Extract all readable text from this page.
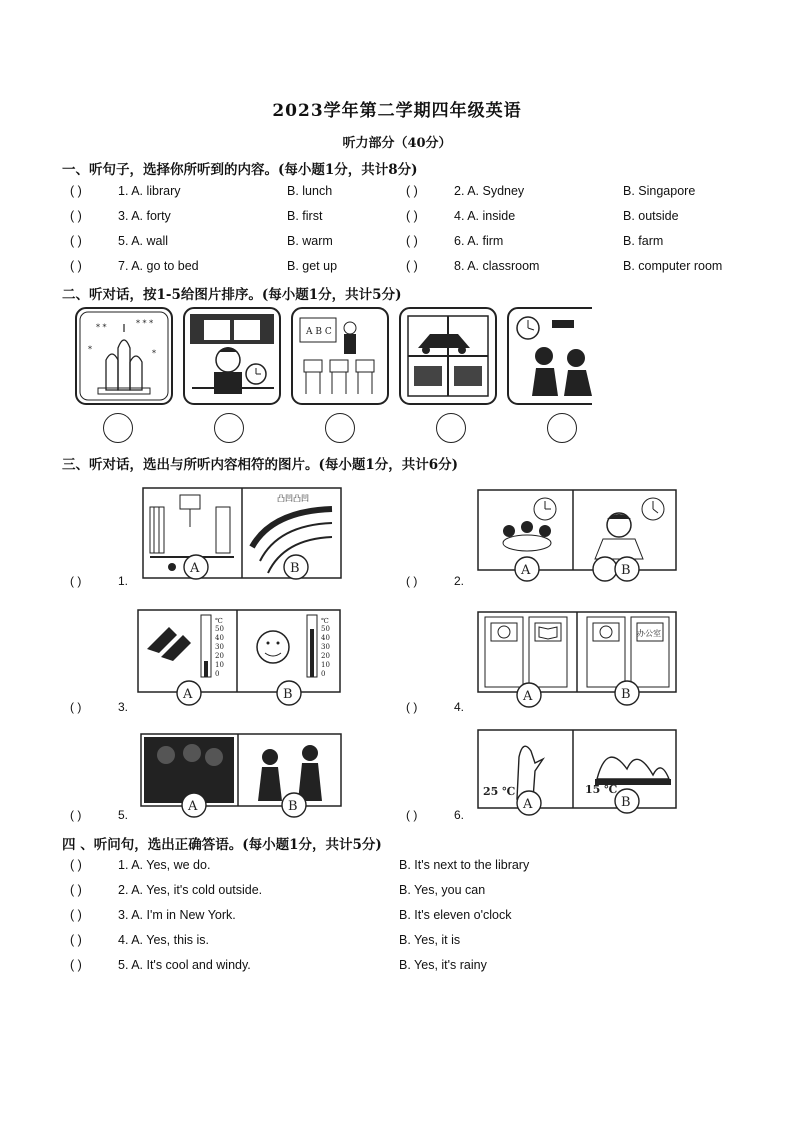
2023学年第二学期四年级英语
听力部分（40分）
一、听句子，选择你所听到的内容。(每小题1分，共计8分)
( )	1. A. library	B. lunch	( )	2. A. Sydney	B. Singapore
( )	3. A. forty	B. first	( )	4. A. inside	B. outside
( )	5. A. wall	B. warm	( )	6. A. firm	B. farm
( )	7. A. go to bed	B. get up	( )	8. A. classroom	B. computer room
二、听对话，按1-5给图片排序。(每小题1分，共计5分)
* *	* * *
*	*
A B C
三、听对话，选出与所听内容相符的图片。(每小题1分，共计6分)
( )	1.
凸凹凸凹
A	B
( )	2.
A	B
( )	3.
℃
50
40
30
20
10
0
℃
50
40
30
20
10
0
A	B
( )	4.
办公室
A	B
( )	5.
A	B
( )	6.
25 ℃	15 ℃
A	B
四 、听问句，选出正确答语。(每小题1分，共计5分)
( )	1. A. Yes, we do.	B. It's next to the library
( )	2. A. Yes, it's cold outside.	B. Yes, you can
( )	3. A. I'm in New York.	B. It's eleven o'clock
( )	4. A. Yes, this is.	B. Yes, it is
( )	5. A. It's cool and windy.	B. Yes, it's rainy
